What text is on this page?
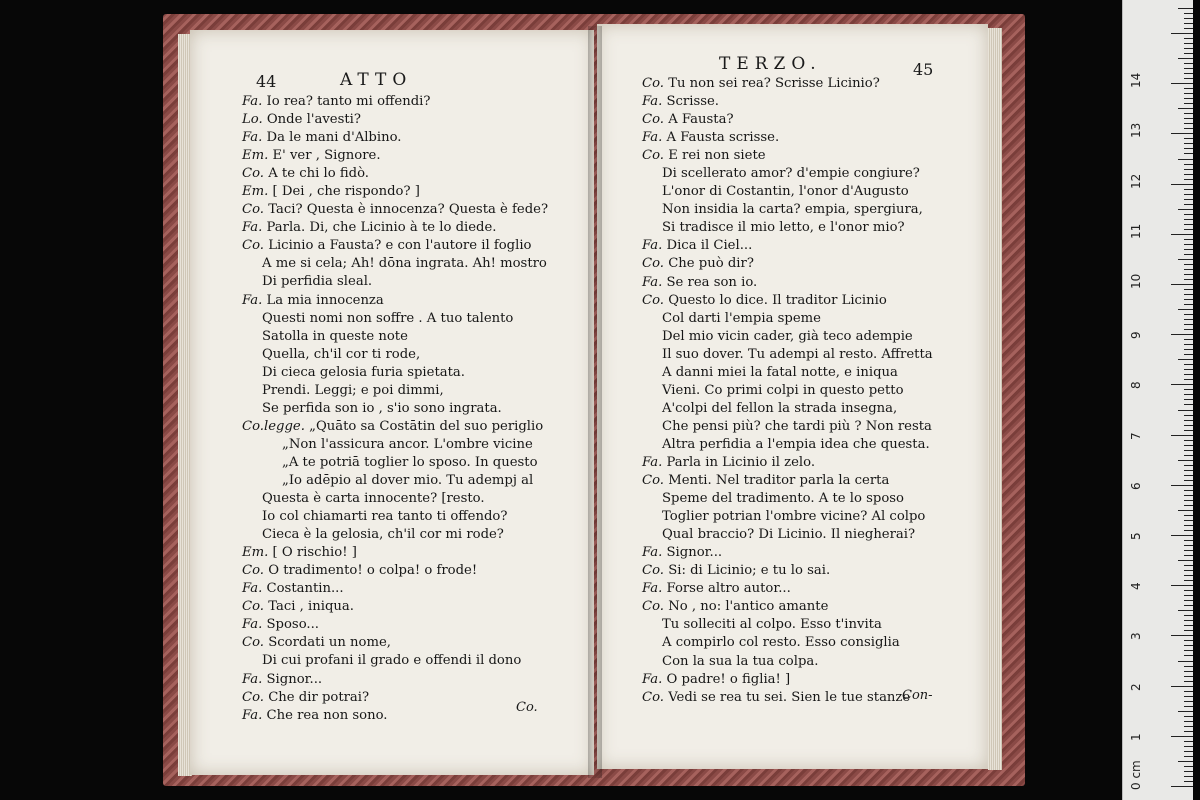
44	ATTO
Fa. Io rea? tanto mi offendi?
Lo. Onde l'avesti?
Fa. Da le mani d'Albino.
Em. E' ver , Signore.
Co. A te chi lo fidò.
Em. [ Dei , che rispondo? ]
Co. Taci? Questa è innocenza? Questa è fede?
Fa. Parla. Di, che Licinio à te lo diede.
Co. Licinio a Fausta? e con l'autore il foglio
A me si cela; Ah! dōna ingrata. Ah! mostro
Di perfidia sleal.
Fa. La mia innocenza
Questi nomi non soffre . A tuo talento
Satolla in queste note
Quella, ch'il cor ti rode,
Di cieca gelosia furia spietata.
Prendi. Leggi; e poi dimmi,
Se perfida son io , s'io sono ingrata.
Co.legge. „Quāto sa Costātin del suo periglio
„Non l'assicura ancor. L'ombre vicine
„A te potriā toglier lo sposo. In questo
„Io adēpio al dover mio. Tu adempj al
Questa è carta innocente? [resto.
Io col chiamarti rea tanto ti offendo?
Cieca è la gelosia, ch'il cor mi rode?
Em. [ O rischio! ]
Co. O tradimento! o colpa! o frode!
Fa. Costantin...
Co. Taci , iniqua.
Fa. Sposo...
Co. Scordati un nome,
Di cui profani il grado e offendi il dono
Fa. Signor...
Co. Che dir potrai?
Fa. Che rea non sono.
Co.
TERZO.	45
Co. Tu non sei rea? Scrisse Licinio?
Fa. Scrisse.
Co. A Fausta?
Fa. A Fausta scrisse.
Co. E rei non siete
Di scellerato amor? d'empie congiure?
L'onor di Costantin, l'onor d'Augusto
Non insidia la carta? empia, spergiura,
Si tradisce il mio letto, e l'onor mio?
Fa. Dica il Ciel...
Co. Che può dir?
Fa. Se rea son io.
Co. Questo lo dice. Il traditor Licinio
Col darti l'empia speme
Del mio vicin cader, già teco adempie
Il suo dover. Tu adempi al resto. Affretta
A danni miei la fatal notte, e iniqua
Vieni. Co primi colpi in questo petto
A'colpi del fellon la strada insegna,
Che pensi più? che tardi più ? Non resta
Altra perfidia a l'empia idea che questa.
Fa. Parla in Licinio il zelo.
Co. Menti. Nel traditor parla la certa
Speme del tradimento. A te lo sposo
Toglier potrian l'ombre vicine? Al colpo
Qual braccio? Di Licinio. Il niegherai?
Fa. Signor...
Co. Si: di Licinio; e tu lo sai.
Fa. Forse altro autor...
Co. No , no: l'antico amante
Tu solleciti al colpo. Esso t'invita
A compirlo col resto. Esso consiglia
Con la sua la tua colpa.
Fa. O padre! o figlia! ]
Co. Vedi se rea tu sei. Sien le tue stanze
Con-
0 cm
1
2
3
4
5
6
7
8
9
10
11
12
13
14
